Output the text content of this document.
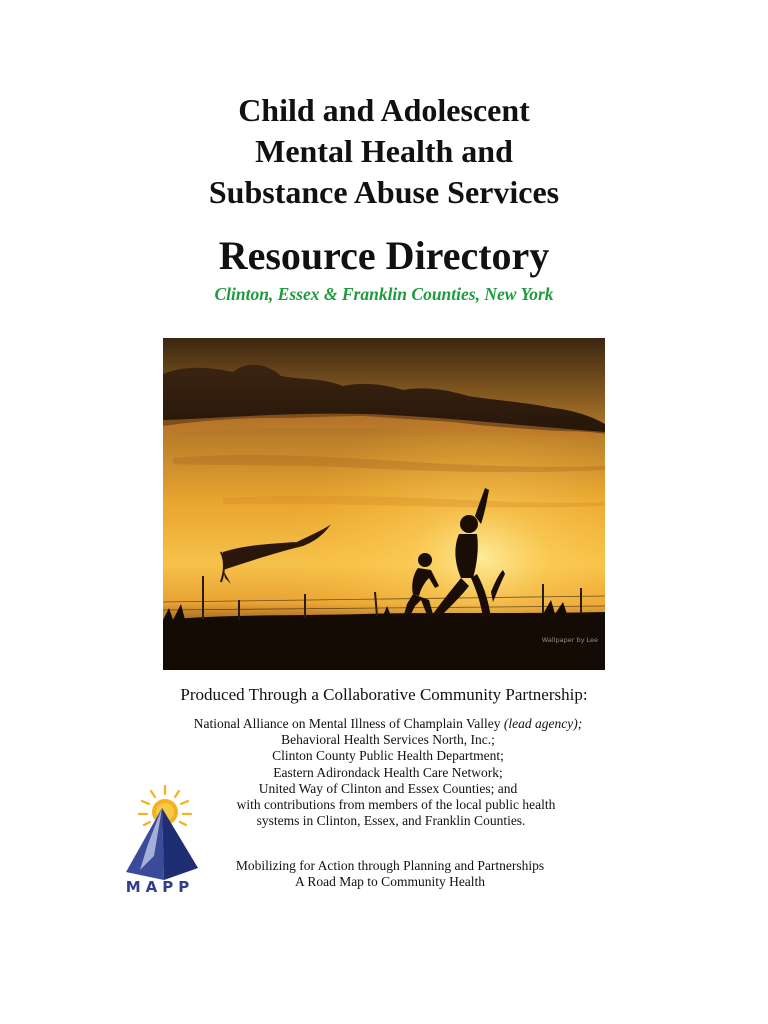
Child and Adolescent
Mental Health and
Substance Abuse Services
Resource Directory
Clinton, Essex & Franklin Counties, New York
Wallpaper by Lee
Produced Through a Collaborative Community Partnership:
National Alliance on Mental Illness of Champlain Valley (lead agency);
Behavioral Health Services North, Inc.;
Clinton County Public Health Department;
Eastern Adirondack Health Care Network;
United Way of Clinton and Essex Counties; and
with contributions from members of the local public health
systems in Clinton, Essex, and Franklin Counties.
MAPP
Mobilizing for Action through Planning and Partnerships
A Road Map to Community Health
